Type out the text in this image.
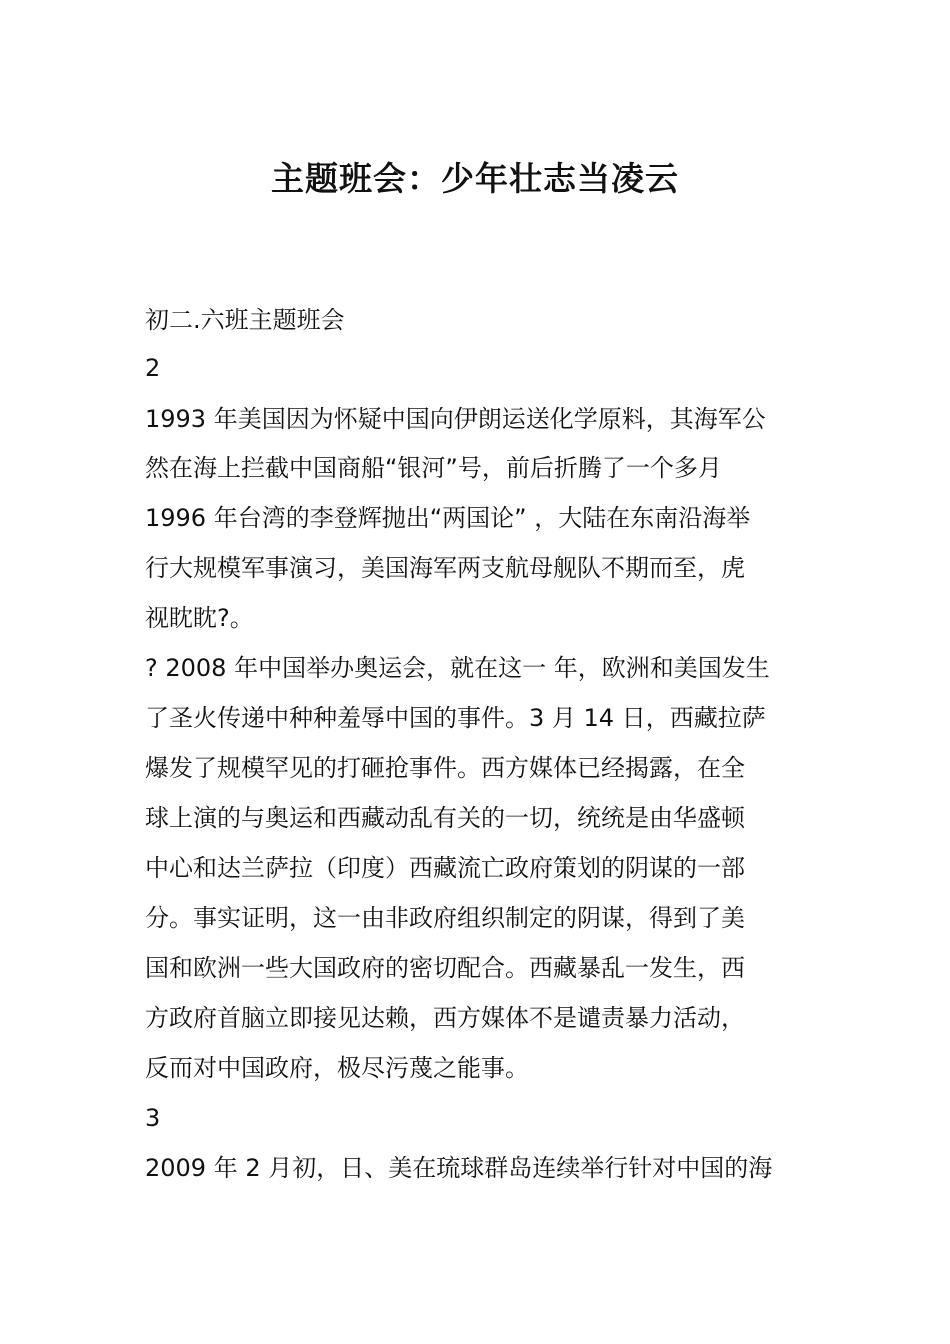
主题班会：少年壮志当凌云

初二.六班主题班会

2

1993 年美国因为怀疑中国向伊朗运送化学原料，其海军公

然在海上拦截中国商船“银河”号，前后折腾了一个多月

1996 年台湾的李登辉抛出“两国论” ，大陆在东南沿海举

行大规模军事演习，美国海军两支航母舰队不期而至，虎

视眈眈?。

? 2008 年中国举办奥运会，就在这一 年，欧洲和美国发生

了圣火传递中种种羞辱中国的事件。3 月 14 日，西藏拉萨

爆发了规模罕见的打砸抢事件。西方媒体已经揭露，在全

球上演的与奥运和西藏动乱有关的一切，统统是由华盛顿

中心和达兰萨拉（印度）西藏流亡政府策划的阴谋的一部

分。事实证明，这一由非政府组织制定的阴谋，得到了美

国和欧洲一些大国政府的密切配合。西藏暴乱一发生，西

方政府首脑立即接见达赖，西方媒体不是谴责暴力活动，

反而对中国政府，极尽污蔑之能事。

3

2009 年 2 月初，日、美在琉球群岛连续举行针对中国的海
